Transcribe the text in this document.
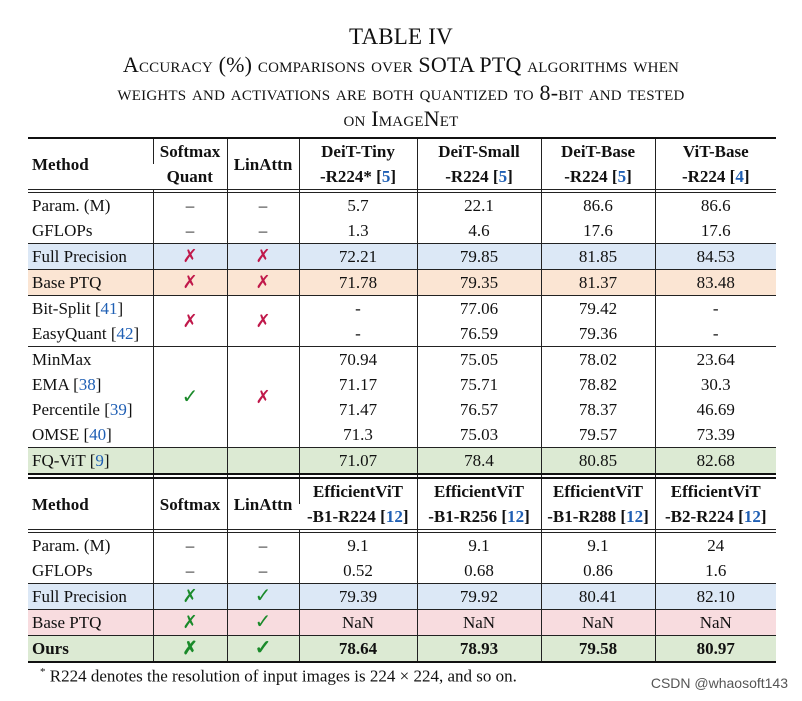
TABLE IV
Accuracy (%) comparisons over SOTA PTQ algorithms when
weights and activations are both quantized to 8-bit and tested
on ImageNet
Method	Softmax	LinAttn	DeiT-Tiny	DeiT-Small	DeiT-Base	ViT-Base
	Quant		-R224* [5]	-R224 [5]	-R224 [5]	-R224 [4]

Param. (M)	–	–	5.7	22.1	86.6	86.6
GFLOPs	–	–	1.3	4.6	17.6	17.6
Full Precision	✗	✗	72.21	79.85	81.85	84.53
Base PTQ	✗	✗	71.78	79.35	81.37	83.48
Bit-Split [41]	✗	✗	-	77.06	79.42	-
EasyQuant [42]			-	76.59	79.36	-
MinMax	✓	✗	70.94	75.05	78.02	23.64
EMA [38]			71.17	75.71	78.82	30.3
Percentile [39]			71.47	76.57	78.37	46.69
OMSE [40]			71.3	75.03	79.57	73.39
FQ-ViT [9]			71.07	78.4	80.85	82.68

Method	Softmax	LinAttn	EfficientViT	EfficientViT	EfficientViT	EfficientViT
			-B1-R224 [12]	-B1-R256 [12]	-B1-R288 [12]	-B2-R224 [12]

Param. (M)	–	–	9.1	9.1	9.1	24
GFLOPs	–	–	0.52	0.68	0.86	1.6
Full Precision	✗	✓	79.39	79.92	80.41	82.10
Base PTQ	✗	✓	NaN	NaN	NaN	NaN
Ours	✗	✓	78.64	78.93	79.58	80.97
* R224 denotes the resolution of input images is 224 × 224, and so on.	CSDN @whaosoft143
